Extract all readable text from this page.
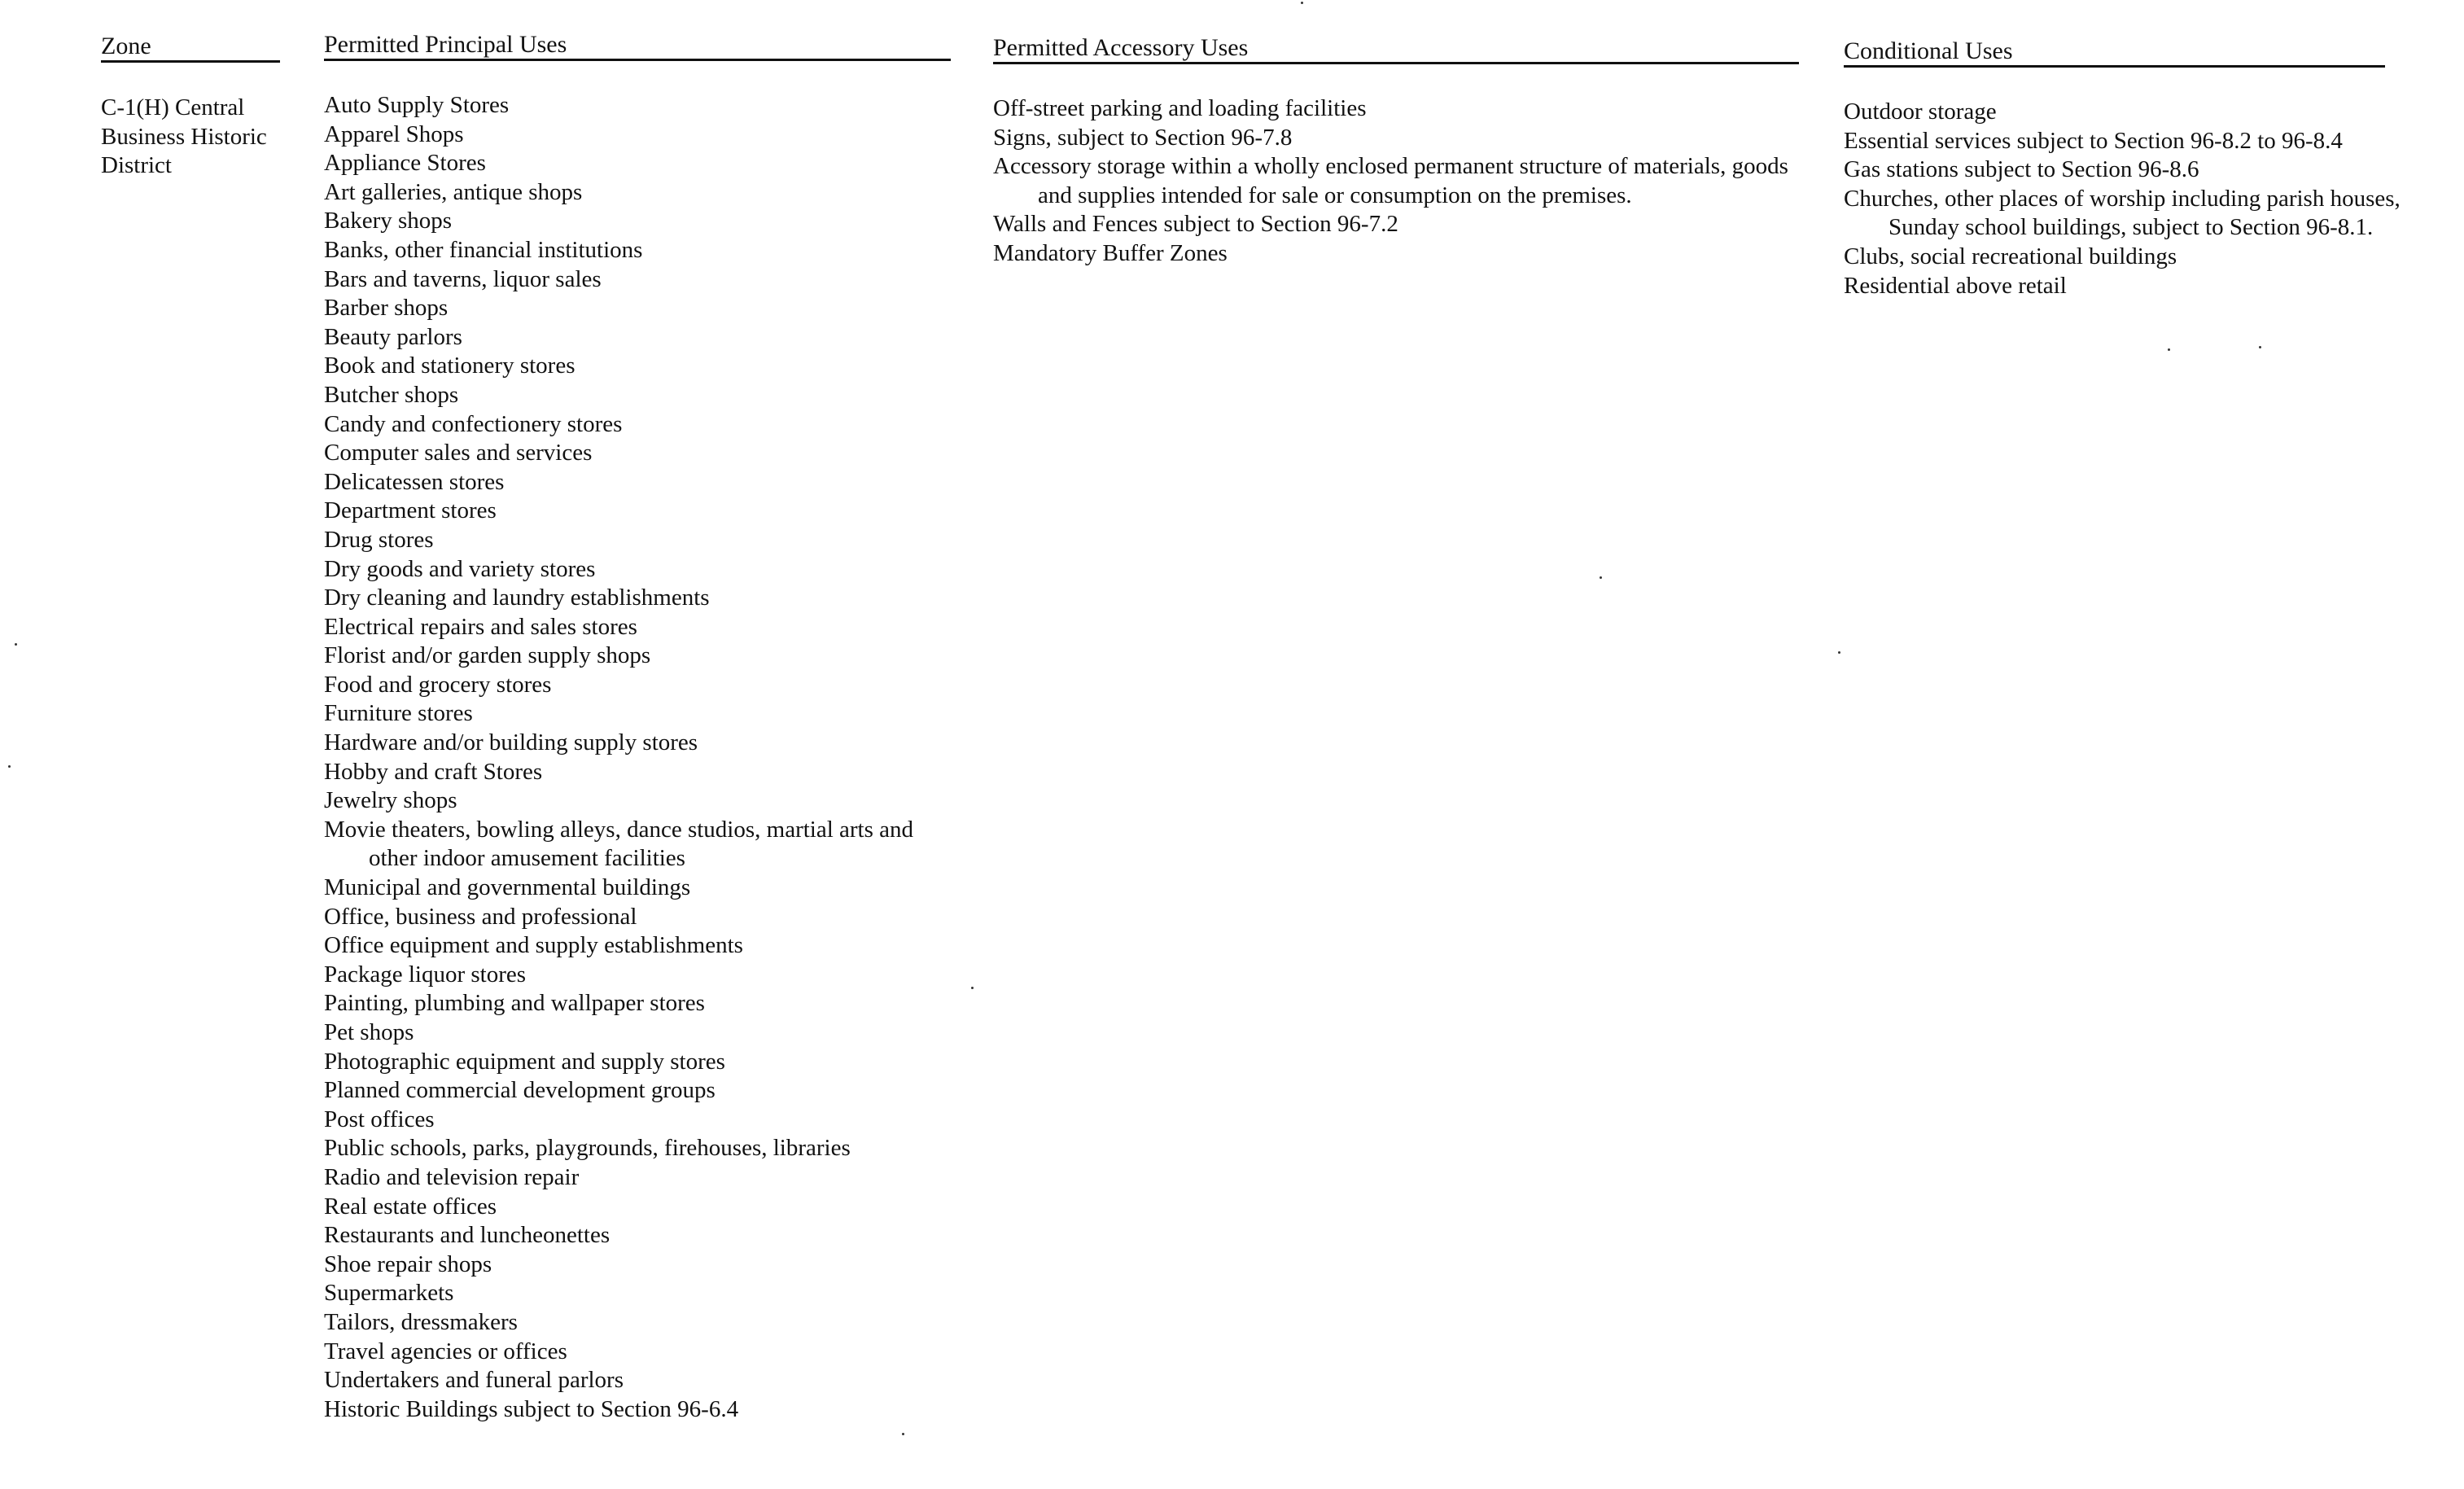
Zone

C-1(H) Central Business Historic District

Permitted Principal Uses
Auto Supply Stores
Apparel Shops
Appliance Stores
Art galleries, antique shops
Bakery shops
Banks, other financial institutions
Bars and taverns, liquor sales
Barber shops
Beauty parlors
Book and stationery stores
Butcher shops
Candy and confectionery stores
Computer sales and services
Delicatessen stores
Department stores
Drug stores
Dry goods and variety stores
Dry cleaning and laundry establishments
Electrical repairs and sales stores
Florist and/or garden supply shops
Food and grocery stores
Furniture stores
Hardware and/or building supply stores
Hobby and craft Stores
Jewelry shops
Movie theaters, bowling alleys, dance studios, martial arts and other indoor amusement facilities
Municipal and governmental buildings
Office, business and professional
Office equipment and supply establishments
Package liquor stores
Painting, plumbing and wallpaper stores
Pet shops
Photographic equipment and supply stores
Planned commercial development groups
Post offices
Public schools, parks, playgrounds, firehouses, libraries
Radio and television repair
Real estate offices
Restaurants and luncheonettes
Shoe repair shops
Supermarkets
Tailors, dressmakers
Travel agencies or offices
Undertakers and funeral parlors
Historic Buildings subject to Section 96-6.4
Permitted Accessory Uses
Off-street parking and loading facilities
Signs, subject to Section 96-7.8
Accessory storage within a wholly enclosed permanent structure of materials, goods and supplies intended for sale or consumption on the premises.
Walls and Fences subject to Section 96-7.2
Mandatory Buffer Zones
Conditional Uses
Outdoor storage
Essential services subject to Section 96-8.2 to 96-8.4
Gas stations subject to Section 96-8.6
Churches, other places of worship including parish houses, Sunday school buildings, subject to Section 96-8.1.
Clubs, social recreational buildings
Residential above retail
